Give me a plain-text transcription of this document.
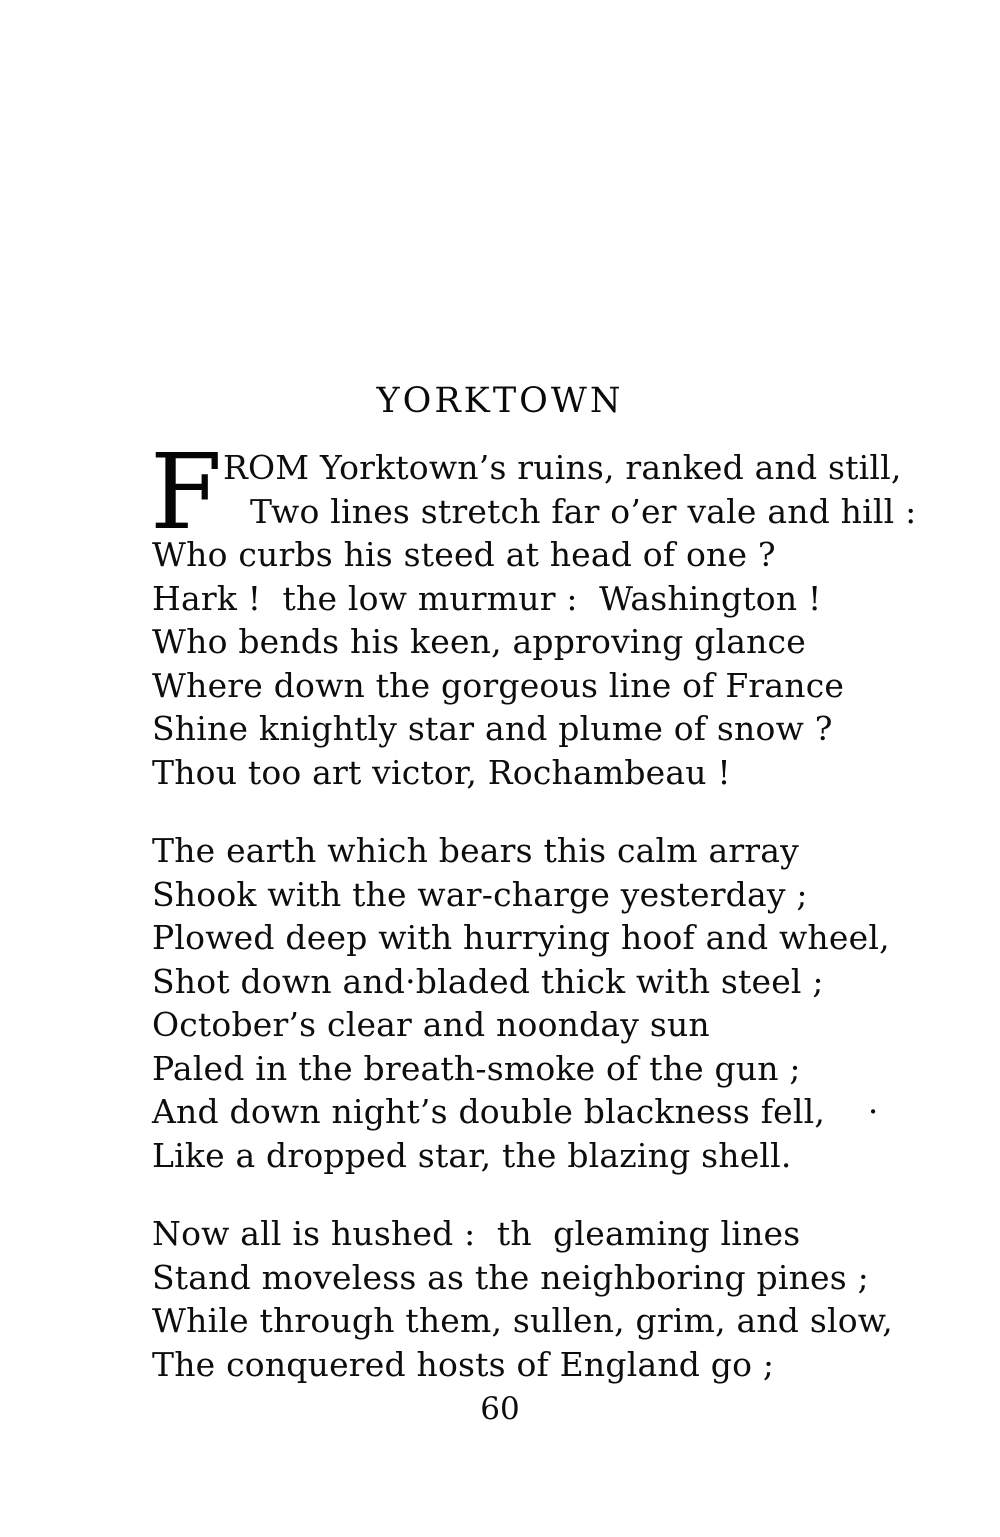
YORKTOWN
F ROM Yorktown’s ruins, ranked and still,
Two lines stretch far o’er vale and hill :
Who curbs his steed at head of one ?
Hark !  the low murmur :  Washington !
Who bends his keen, approving glance
Where down the gorgeous line of France
Shine knightly star and plume of snow ?
Thou too art victor, Rochambeau !
The earth which bears this calm array
Shook with the war-charge yesterday ;
Plowed deep with hurrying hoof and wheel,
Shot down and·bladed thick with steel ;
October’s clear and noonday sun
Paled in the breath-smoke of the gun ;
And down night’s double blackness fell,    ·
Like a dropped star, the blazing shell.
Now all is hushed :  th  gleaming lines
Stand moveless as the neighboring pines ;
While through them, sullen, grim, and slow,
The conquered hosts of England go ;
60
